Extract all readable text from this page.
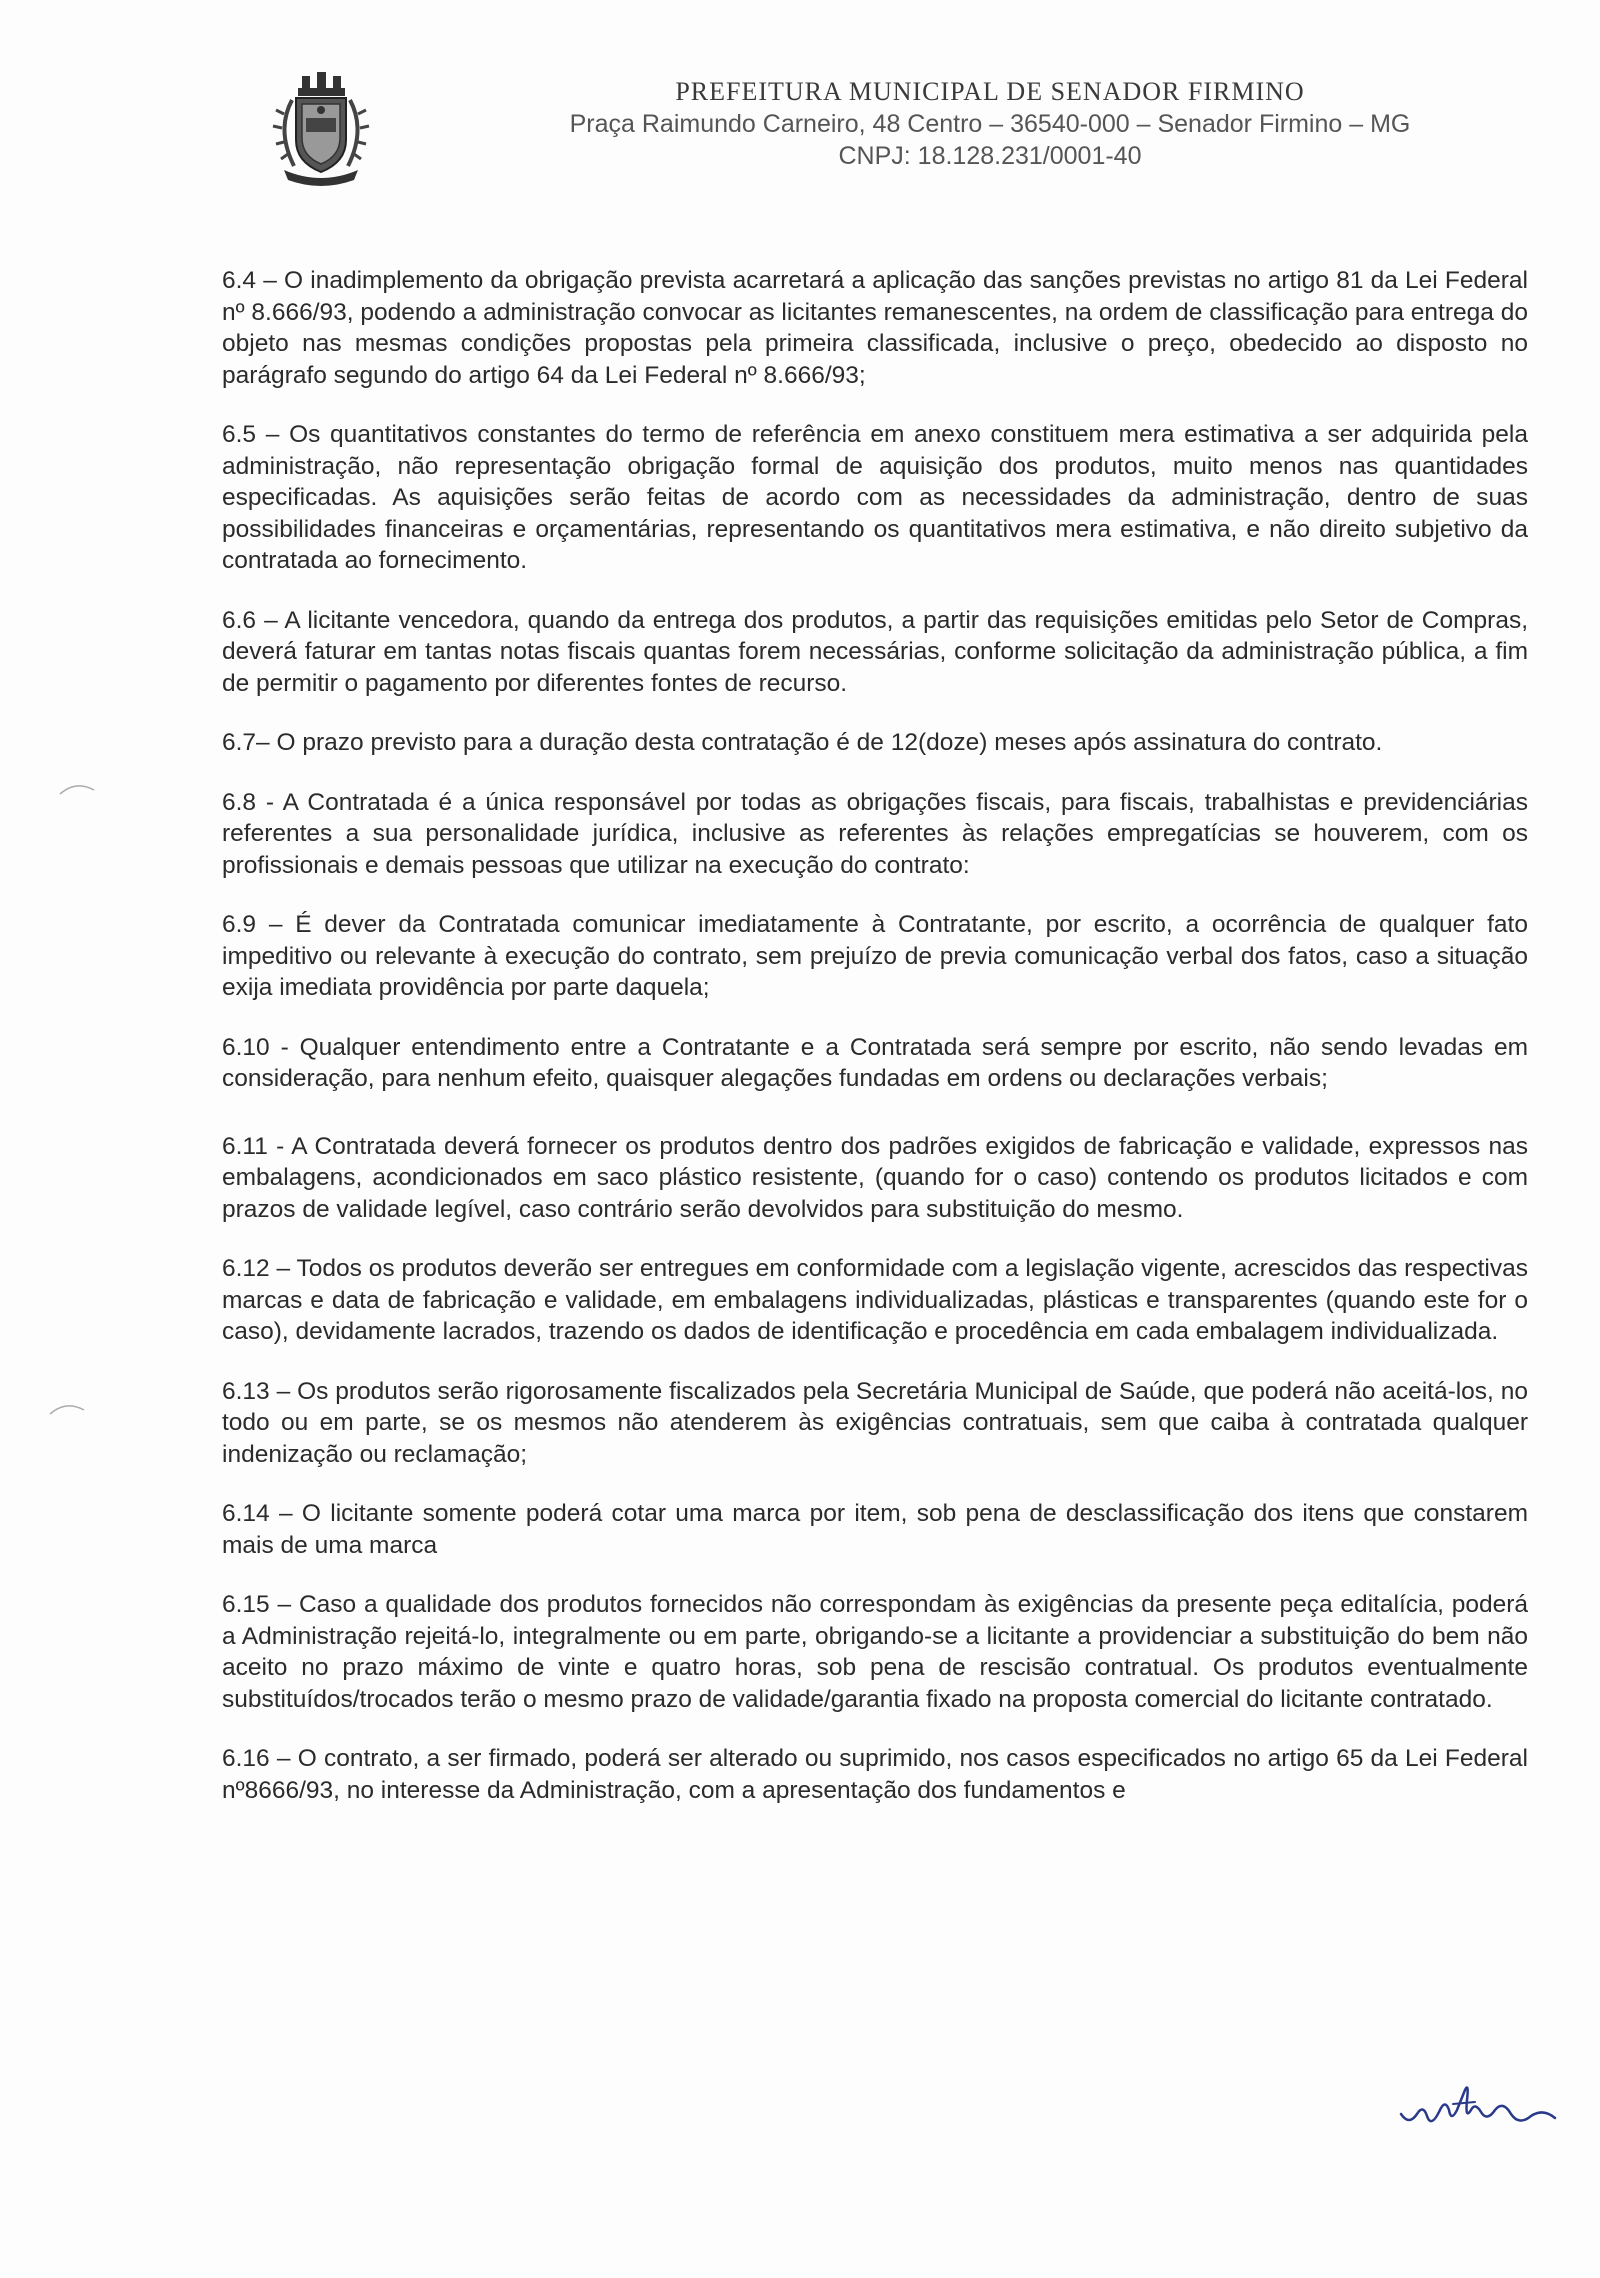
PREFEITURA MUNICIPAL DE SENADOR FIRMINO
Praça Raimundo Carneiro, 48 Centro – 36540-000 – Senador Firmino – MG
CNPJ: 18.128.231/0001-40

6.4 – O inadimplemento da obrigação prevista acarretará a aplicação das sanções previstas no artigo 81 da Lei Federal nº 8.666/93, podendo a administração convocar as licitantes remanescentes, na ordem de classificação para entrega do objeto nas mesmas condições propostas pela primeira classificada, inclusive o preço, obedecido ao disposto no parágrafo segundo do artigo 64 da Lei Federal nº 8.666/93;

6.5 – Os quantitativos constantes do termo de referência em anexo constituem mera estimativa a ser adquirida pela administração, não representação obrigação formal de aquisição dos produtos, muito menos nas quantidades especificadas. As aquisições serão feitas de acordo com as necessidades da administração, dentro de suas possibilidades financeiras e orçamentárias, representando os quantitativos mera estimativa, e não direito subjetivo da contratada ao fornecimento.

6.6 – A licitante vencedora, quando da entrega dos produtos, a partir das requisições emitidas pelo Setor de Compras, deverá faturar em tantas notas fiscais quantas forem necessárias, conforme solicitação da administração pública, a fim de permitir o pagamento por diferentes fontes de recurso.

6.7– O prazo previsto para a duração desta contratação é de 12(doze) meses após assinatura do contrato.

6.8 - A Contratada é a única responsável por todas as obrigações fiscais, para fiscais, trabalhistas e previdenciárias referentes a sua personalidade jurídica, inclusive as referentes às relações empregatícias se houverem, com os profissionais e demais pessoas que utilizar na execução do contrato:

6.9 – É dever da Contratada comunicar imediatamente à Contratante, por escrito, a ocorrência de qualquer fato impeditivo ou relevante à execução do contrato, sem prejuízo de previa comunicação verbal dos fatos, caso a situação exija imediata providência por parte daquela;

6.10 - Qualquer entendimento entre a Contratante e a Contratada será sempre por escrito, não sendo levadas em consideração, para nenhum efeito, quaisquer alegações fundadas em ordens ou declarações verbais;

6.11 - A Contratada deverá fornecer os produtos dentro dos padrões exigidos de fabricação e validade, expressos nas embalagens, acondicionados em saco plástico resistente, (quando for o caso) contendo os produtos licitados e com prazos de validade legível, caso contrário serão devolvidos para substituição do mesmo.

6.12 – Todos os produtos deverão ser entregues em conformidade com a legislação vigente, acrescidos das respectivas marcas e data de fabricação e validade, em embalagens individualizadas, plásticas e transparentes (quando este for o caso), devidamente lacrados, trazendo os dados de identificação e procedência em cada embalagem individualizada.

6.13 – Os produtos serão rigorosamente fiscalizados pela Secretária Municipal de Saúde, que poderá não aceitá-los, no todo ou em parte, se os mesmos não atenderem às exigências contratuais, sem que caiba à contratada qualquer indenização ou reclamação;

6.14 – O licitante somente poderá cotar uma marca por item, sob pena de desclassificação dos itens que constarem mais de uma marca

6.15 – Caso a qualidade dos produtos fornecidos não correspondam às exigências da presente peça editalícia, poderá a Administração rejeitá-lo, integralmente ou em parte, obrigando-se a licitante a providenciar a substituição do bem não aceito no prazo máximo de vinte e quatro horas, sob pena de rescisão contratual. Os produtos eventualmente substituídos/trocados terão o mesmo prazo de validade/garantia fixado na proposta comercial do licitante contratado.

6.16 – O contrato, a ser firmado, poderá ser alterado ou suprimido, nos casos especificados no artigo 65 da Lei Federal nº8666/93, no interesse da Administração, com a apresentação dos fundamentos e
